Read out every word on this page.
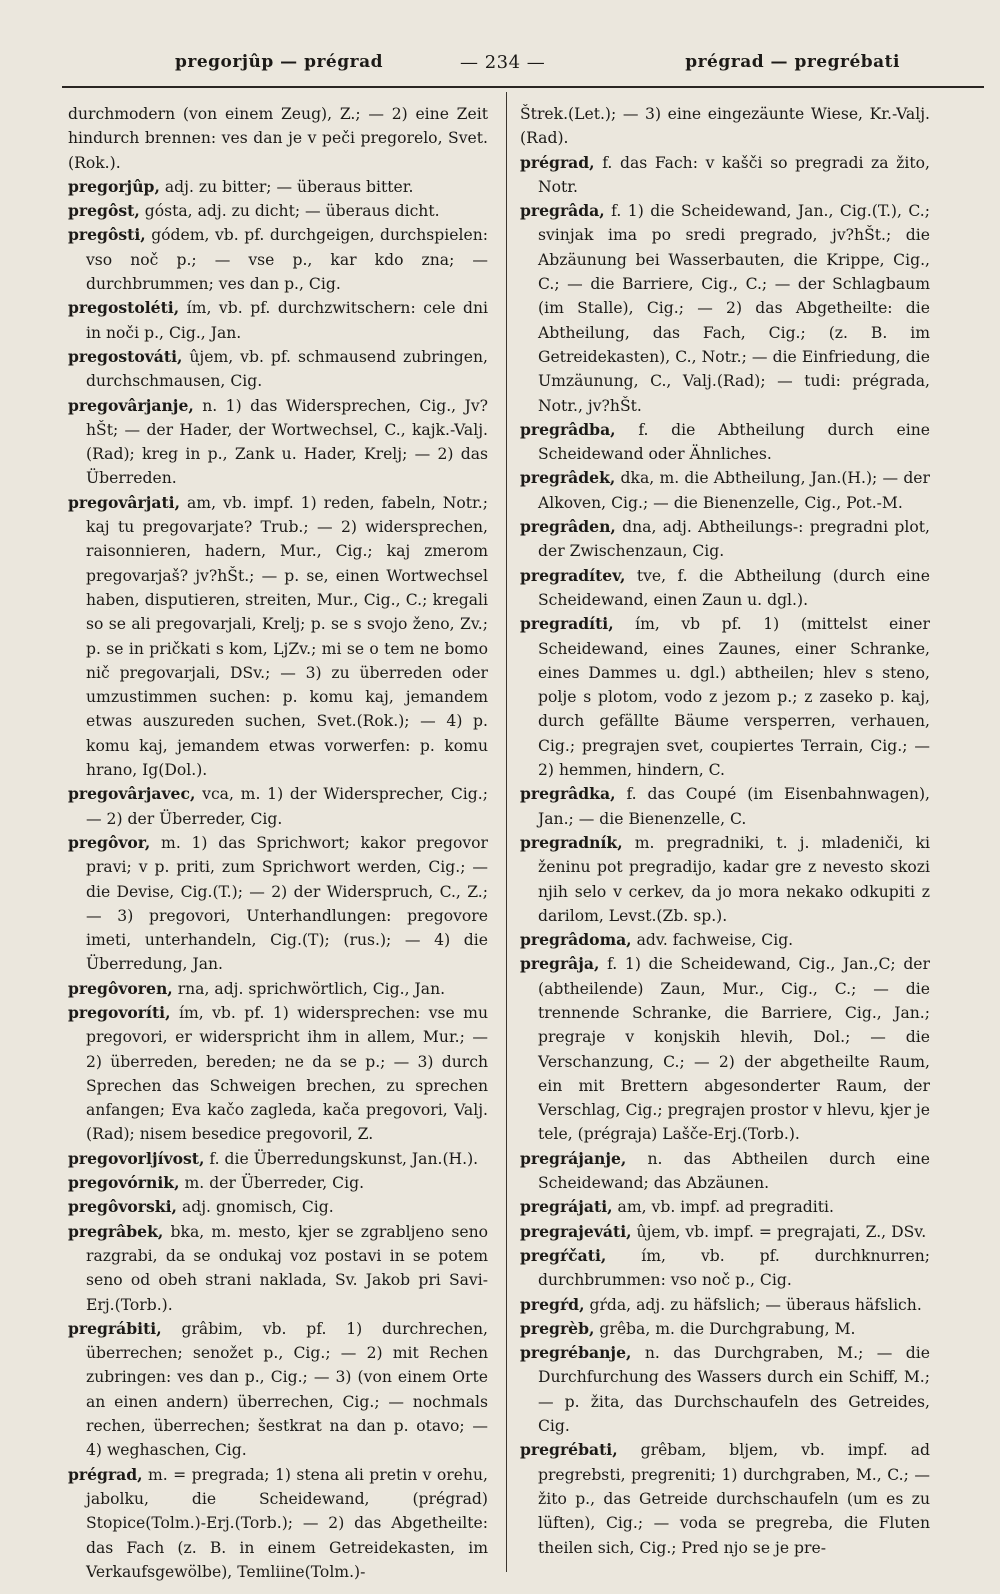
pregorjûp — prégrad	— 234 —	prégrad — pregrébati

durchmodern (von einem Zeug), Z.; — 2) eine Zeit hindurch brennen: ves dan je v peči pregorelo, Svet.(Rok.).

pregorjûp, adj. zu bitter; — überaus bitter.

pregôst, gósta, adj. zu dicht; — überaus dicht.

pregôsti, gódem, vb. pf. durchgeigen, durchspielen: vso noč p.; — vse p., kar kdo zna; — durchbrummen; ves dan p., Cig.

pregostoléti, ím, vb. pf. durchzwitschern: cele dni in noči p., Cig., Jan.

pregostováti, ûjem, vb. pf. schmausend zubringen, durchschmausen, Cig.

pregovârjanje, n. 1) das Widersprechen, Cig., Jv?hŠt; — der Hader, der Wortwechsel, C., kajk.-Valj.(Rad); kreg in p., Zank u. Hader, Krelj; — 2) das Überreden.

pregovârjati, am, vb. impf. 1) reden, fabeln, Notr.; kaj tu pregovarjate? Trub.; — 2) widersprechen, raisonnieren, hadern, Mur., Cig.; kaj zmerom pregovarjaš? jv?hŠt.; — p. se, einen Wortwechsel haben, disputieren, streiten, Mur., Cig., C.; kregali so se ali pregovarjali, Krelj; p. se s svojo ženo, Zv.; p. se in pričkati s kom, LjZv.; mi se o tem ne bomo nič pregovarjali, DSv.; — 3) zu überreden oder umzustimmen suchen: p. komu kaj, jemandem etwas auszureden suchen, Svet.(Rok.); — 4) p. komu kaj, jemandem etwas vorwerfen: p. komu hrano, Ig(Dol.).

pregovârjavec, vca, m. 1) der Widersprecher, Cig.; — 2) der Überreder, Cig.

pregôvor, m. 1) das Sprichwort; kakor pregovor pravi; v p. priti, zum Sprichwort werden, Cig.; — die Devise, Cig.(T.); — 2) der Widerspruch, C., Z.; — 3) pregovori, Unterhandlungen: pregovore imeti, unterhandeln, Cig.(T); (rus.); — 4) die Überredung, Jan.

pregôvoren, rna, adj. sprichwörtlich, Cig., Jan.

pregovoríti, ím, vb. pf. 1) widersprechen: vse mu pregovori, er widerspricht ihm in allem, Mur.; — 2) überreden, bereden; ne da se p.; — 3) durch Sprechen das Schweigen brechen, zu sprechen anfangen; Eva kačo zagleda, kača pregovori, Valj.(Rad); nisem besedice pregovoril, Z.

pregovorljívost, f. die Überredungskunst, Jan.(H.).

pregovórnik, m. der Überreder, Cig.

pregôvorski, adj. gnomisch, Cig.

pregrâbek, bka, m. mesto, kjer se zgrabljeno seno razgrabi, da se ondukaj voz postavi in se potem seno od obeh strani naklada, Sv. Jakob pri Savi-Erj.(Torb.).

pregrábiti, grâbim, vb. pf. 1) durchrechen, überrechen; senožet p., Cig.; — 2) mit Rechen zubringen: ves dan p., Cig.; — 3) (von einem Orte an einen andern) überrechen, Cig.; — nochmals rechen, überrechen; šestkrat na dan p. otavo; — 4) weghaschen, Cig.

prégrad, m. = pregrada; 1) stena ali pretin v orehu, jabolku, die Scheidewand, (prégrad) Stopice(Tolm.)-Erj.(Torb.); — 2) das Abgetheilte: das Fach (z. B. in einem Getreidekasten, im Verkaufsgewölbe), Temliine(Tolm.)-

Štrek.(Let.); — 3) eine eingezäunte Wiese, Kr.-Valj.(Rad).

prégrad, f. das Fach: v kašči so pregradi za žito, Notr.

pregrâda, f. 1) die Scheidewand, Jan., Cig.(T.), C.; svinjak ima po sredi pregrado, jv?hŠt.; die Abzäunung bei Wasserbauten, die Krippe, Cig., C.; — die Barriere, Cig., C.; — der Schlagbaum (im Stalle), Cig.; — 2) das Abgetheilte: die Abtheilung, das Fach, Cig.; (z. B. im Getreidekasten), C., Notr.; — die Einfriedung, die Umzäunung, C., Valj.(Rad); — tudi: prégrada, Notr., jv?hŠt.

pregrâdba, f. die Abtheilung durch eine Scheidewand oder Ähnliches.

pregrâdek, dka, m. die Abtheilung, Jan.(H.); — der Alkoven, Cig.; — die Bienenzelle, Cig., Pot.-M.

pregrâden, dna, adj. Abtheilungs-: pregradni plot, der Zwischenzaun, Cig.

pregradítev, tve, f. die Abtheilung (durch eine Scheidewand, einen Zaun u. dgl.).

pregradíti, ím, vb pf. 1) (mittelst einer Scheidewand, eines Zaunes, einer Schranke, eines Dammes u. dgl.) abtheilen; hlev s steno, polje s plotom, vodo z jezom p.; z zaseko p. kaj, durch gefällte Bäume versperren, verhauen, Cig.; pregrajen svet, coupiertes Terrain, Cig.; — 2) hemmen, hindern, C.

pregrâdka, f. das Coupé (im Eisenbahnwagen), Jan.; — die Bienenzelle, C.

pregradník, m. pregradniki, t. j. mladeniči, ki ženinu pot pregradijo, kadar gre z nevesto skozi njih selo v cerkev, da jo mora nekako odkupiti z darilom, Levst.(Zb. sp.).

pregrâdoma, adv. fachweise, Cig.

pregrâja, f. 1) die Scheidewand, Cig., Jan.,C; der (abtheilende) Zaun, Mur., Cig., C.; — die trennende Schranke, die Barriere, Cig., Jan.; pregraje v konjskih hlevih, Dol.; — die Verschanzung, C.; — 2) der abgetheilte Raum, ein mit Brettern abgesonderter Raum, der Verschlag, Cig.; pregrajen prostor v hlevu, kjer je tele, (prégraja) Lašče-Erj.(Torb.).

pregrájanje, n. das Abtheilen durch eine Scheidewand; das Abzäunen.

pregrájati, am, vb. impf. ad pregraditi.

pregrajeváti, ûjem, vb. impf. = pregrajati, Z., DSv.

pregŕčati, ím, vb. pf. durchknurren; durchbrummen: vso noč p., Cig.

pregŕd, gŕda, adj. zu häfslich; — überaus häfslich.

pregrèb, grêba, m. die Durchgrabung, M.

pregrébanje, n. das Durchgraben, M.; — die Durchfurchung des Wassers durch ein Schiff, M.; — p. žita, das Durchschaufeln des Getreides, Cig.

pregrébati, grêbam, bljem, vb. impf. ad pregrebsti, pregreniti; 1) durchgraben, M., C.; — žito p., das Getreide durchschaufeln (um es zu lüften), Cig.; — voda se pregreba, die Fluten theilen sich, Cig.; Pred njo se je pre-
